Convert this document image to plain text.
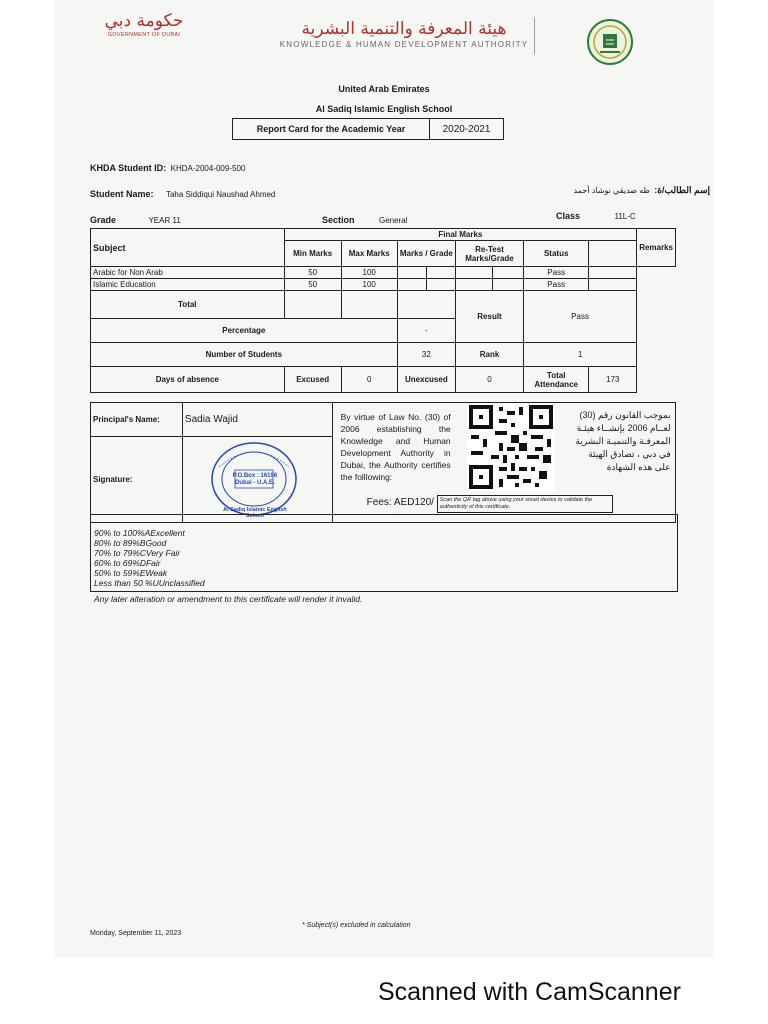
حكومة دبي
GOVERNMENT OF DUBAI	هيئة المعرفة والتنمية البشرية
KNOWLEDGE & HUMAN DEVELOPMENT AUTHORITY
United Arab Emirates
Al Sadiq Islamic English School
Report Card for the Academic Year	2020-2021
KHDA Student ID: KHDA-2004-009-500
Student Name: Taha Siddiqui Naushad Ahmed	إسم الطالب/ة: طه صديقي نوشاد أحمد
Grade	YEAR 11	Section	General	Class	11L-C
Subject	Final Marks								Remarks
	Min Marks	Max Marks	Marks / Grade		Re-Test Marks/Grade		Status		
Arabic for Non Arab	50	100					Pass		
Islamic Education	50	100					Pass		
Total					Result		Pass		
Percentage			-						
Number of Students			32		Rank		1		
Days of absence	Excused	0	Unexcused		0		Total Attendance	173	
Principal's Name:	Sadia Wajid	By virtue of Law No. (30) of 2006 establishing the Knowledge and Human Development Authority in Dubai, the Authority certifies the folllowing:
بموجب القانون رقم (30) لعــام 2006 بإنشــاء هيئـة المعرفـة والتنميـة البشرية في دبي ، تصادق الهيئة على هذه الشهادة
Fees: AED120/
-
Scan the QR tag above using your smart device to validate the authenticity of this certificate.

Signature:	P.O.Box : 16196
Dubai - U.A.E.
Al Sadiq Islamic English School	
90% to 100%AExcellent
80% to 89%BGood
70% to 79%CVery Fair
60% to 69%DFair
50% to 59%EWeak
Less than 50 %UUnclassified
Any later alteration or amendment to this certificate will render it invalid.
* Subject(s) excluded in calculation
Monday, September 11, 2023
Scanned with CamScanner
